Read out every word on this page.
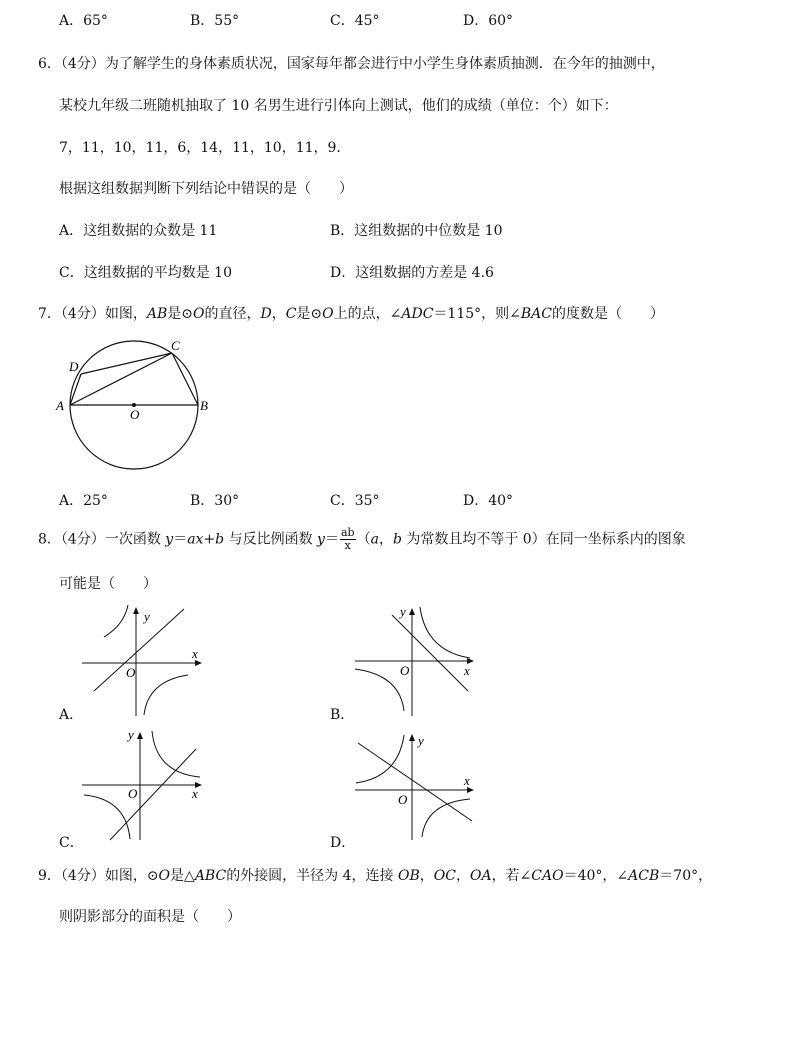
A．65°	B．55°	C．45°	D．60°
6．（4分）为了解学生的身体素质状况，国家每年都会进行中小学生身体素质抽测．在今年的抽测中，
某校九年级二班随机抽取了 10 名男生进行引体向上测试，他们的成绩（单位：个）如下：
7，11，10，11，6，14，11，10，11，9．
根据这组数据判断下列结论中错误的是（　　）
A．这组数据的众数是 11	B．这组数据的中位数是 10
C．这组数据的平均数是 10	D．这组数据的方差是 4.6
7．（4分）如图，AB是⊙O的直径，D，C是⊙O上的点，∠ADC＝115°，则∠BAC的度数是（　　）
A	B
C
D
O
A．25°	B．30°	C．35°	D．40°
8．（4分）一次函数 y＝ax+b 与反比例函数 $y= \frac{ab}{x} (a$，b 为常数且均不等于 0）在同一坐标系内的图象
可能是（　　）
x
y
O
A．
x
y
O
B．
x
y
O
C．
x
y
O
D．
9．（4分）如图，⊙O是△ABC的外接圆，半径为 4，连接 OB，OC，OA，若∠CAO＝40°，∠ACB＝70°，
则阴影部分的面积是（　　）
